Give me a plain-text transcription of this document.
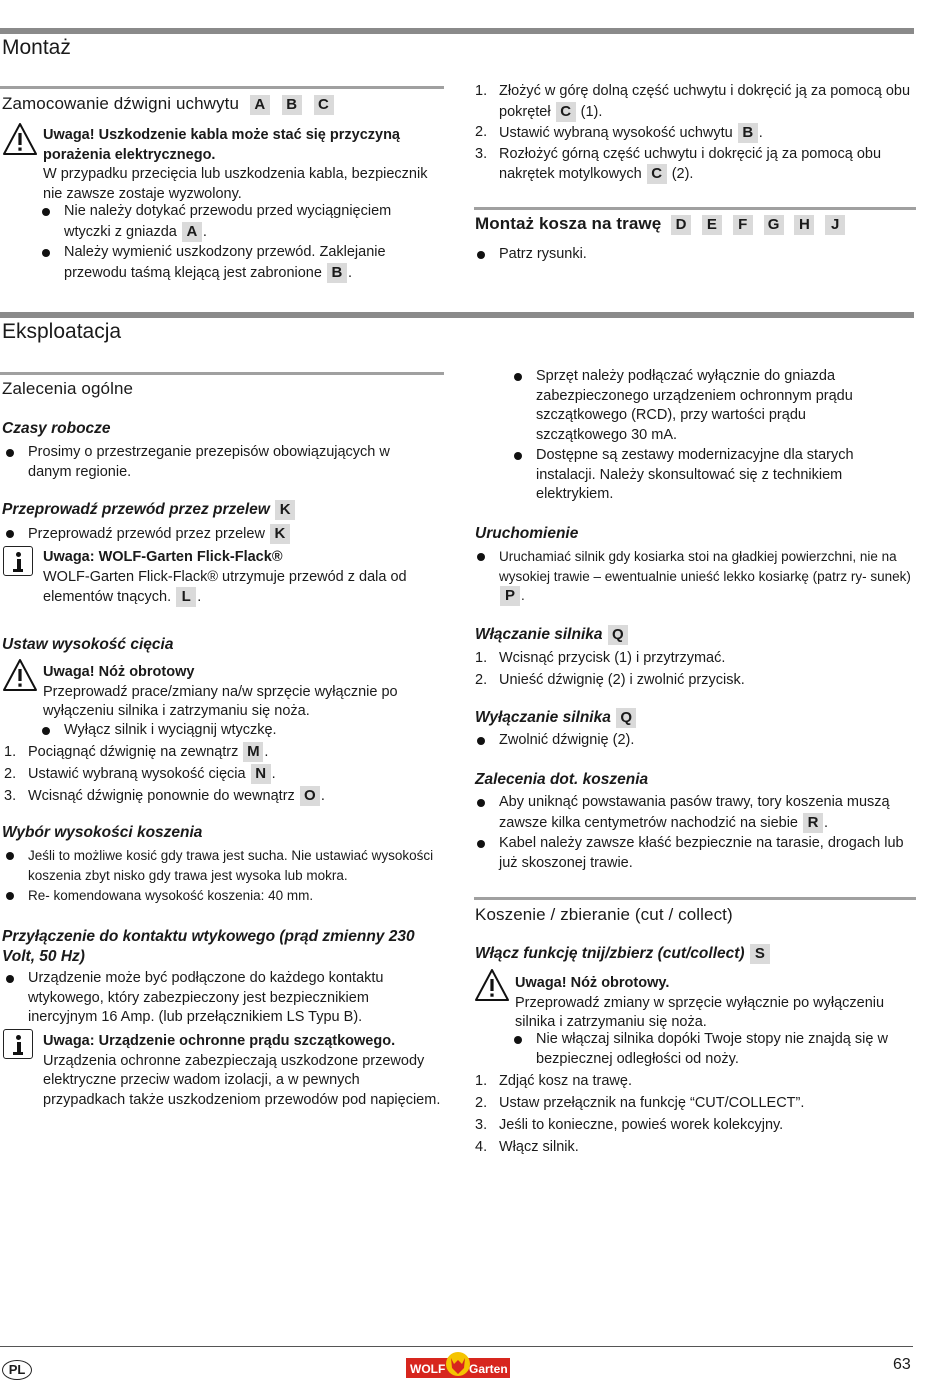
Montaż
Zamocowanie dźwigni uchwytu A B C
Uwaga! Uszkodzenie kabla może stać się przyczyną
porażenia elektrycznego.
W przypadku przecięcia lub uszkodzenia kabla, bezpiecznik nie zawsze zostaje wyzwolony.
Nie należy dotykać przewodu przed wyciągnięciem wtyczki z gniazda A .
Należy wymienić uszkodzony przewód. Zaklejanie przewodu taśmą klejącą jest zabronione B .
1. Złożyć w górę dolną część uchwytu i dokręcić ją za pomocą obu pokręteł C (1).
2. Ustawić wybraną wysokość uchwytu B .
3. Rozłożyć górną część uchwytu i dokręcić ją za pomocą obu nakrętek motylkowych C (2).
Montaż kosza na trawę D E F G H J
Patrz rysunki.
Eksploatacja
Zalecenia ogólne
Czasy robocze
Prosimy o przestrzeganie prezepisów obowiązujących w danym regionie.
Przeprowadź przewód przez przelew K
Przeprowadź przewód przez przelew K
Uwaga: WOLF-Garten Flick-Flack®
WOLF-Garten Flick-Flack® utrzymuje przewód z dala od elementów tnących. L .
Ustaw wysokość cięcia
Uwaga! Nóż obrotowy
Przeprowadź prace/zmiany na/w sprzęcie wyłącznie po wyłączeniu silnika i zatrzymaniu się noża.
Wyłącz silnik i wyciągnij wtyczkę.
1. Pociągnąć dźwignię na zewnątrz M .
2. Ustawić wybraną wysokość cięcia N .
3. Wcisnąć dźwignię ponownie do wewnątrz O .
Wybór wysokości koszenia
Jeśli to możliwe kosić gdy trawa jest sucha. Nie ustawiać wysokości koszenia zbyt nisko gdy trawa jest wysoka lub mokra.
Re- komendowana wysokość koszenia: 40 mm.
Przyłączenie do kontaktu wtykowego (prąd zmienny 230 Volt, 50 Hz)
Urządzenie może być podłączone do każdego kontaktu wtykowego, który zabezpieczony jest bezpiecznikiem inercyjnym 16 Amp. (lub przełącznikiem LS Typu B).
Uwaga: Urządzenie ochronne prądu szczątkowego.
Urządzenia ochronne zabezpieczają uszkodzone przewody elektryczne przeciw wadom izolacji, a w pewnych przypadkach także uszkodzeniom przewodów pod napięciem.
Sprzęt należy podłączać wyłącznie do gniazda zabezpieczonego urządzeniem ochronnym prądu szczątkowego (RCD), przy wartości prądu szczątkowego 30 mA.
Dostępne są zestawy modernizacyjne dla starych instalacji. Należy skonsultować się z technikiem elektrykiem.
Uruchomienie
Uruchamiać silnik gdy kosiarka stoi na gładkiej powierzchni, nie na wysokiej trawie – ewentualnie unieść lekko kosiarkę (patrz ry- sunek) P .
Włączanie silnika Q
1. Wcisnąć przycisk (1) i przytrzymać.
2. Unieść dźwignię (2) i zwolnić przycisk.
Wyłączanie silnika Q
Zwolnić dźwignię (2).
Zalecenia dot. koszenia
Aby uniknąć powstawania pasów trawy, tory koszenia muszą zawsze kilka centymetrów nachodzić na siebie R .
Kabel należy zawsze kłaść bezpiecznie na tarasie, drogach lub już skoszonej trawie.
Koszenie / zbieranie (cut / collect)
Włącz funkcję tnij/zbierz (cut/collect) S
Uwaga! Nóż obrotowy.
Przeprowadź zmiany w sprzęcie wyłącznie po wyłączeniu silnika i zatrzymaniu się noża.
Nie włączaj silnika dopóki Twoje stopy nie znajdą się w bezpiecznej odległości od noży.
1. Zdjąć kosz na trawę.
2. Ustaw przełącznik na funkcję “CUT/COLLECT”.
3. Jeśli to konieczne, powieś worek kolekcyjny.
4. Włącz silnik.
PL	WOLF Garten	63
